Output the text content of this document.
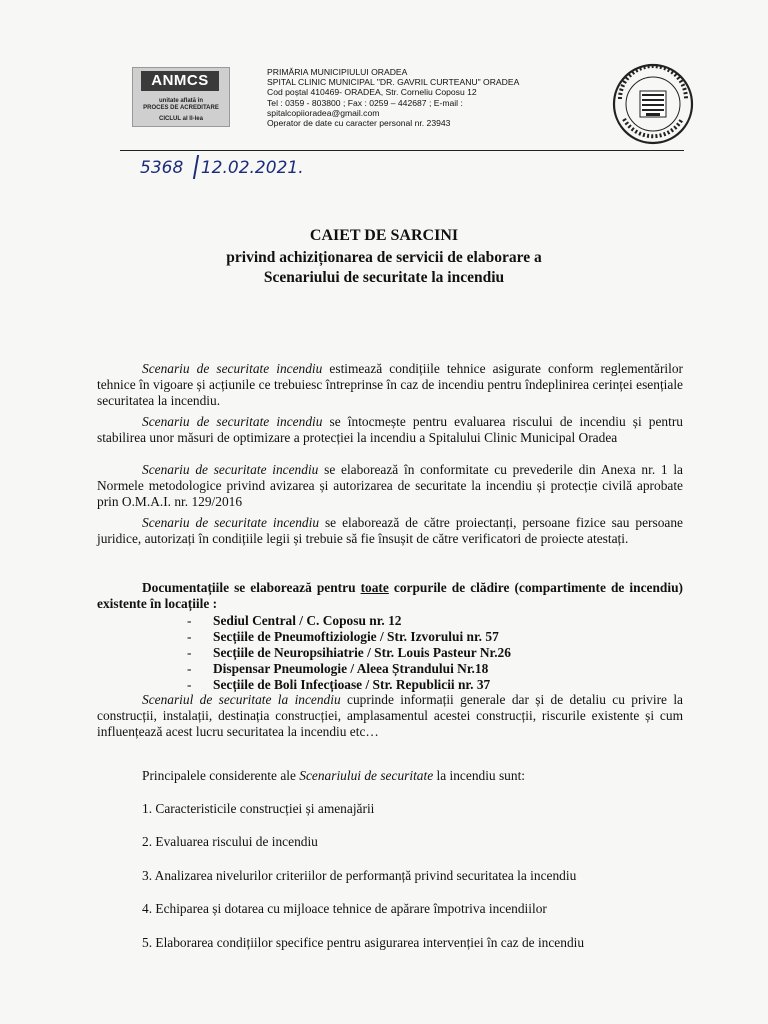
ANMCS
unitate aflată în
PROCES DE ACREDITARE
CICLUL al II-lea
PRIMĂRIA MUNICIPIULUI ORADEA
SPITAL CLINIC MUNICIPAL "DR. GAVRIL CURTEANU" ORADEA
Cod poștal 410469- ORADEA, Str. Corneliu Coposu 12
Tel : 0359 - 803800 ; Fax : 0259 – 442687 ; E-mail :
spitalcopiioradea@gmail.com
Operator de date cu caracter personal nr. 23943
5368 12.02.2021.
CAIET DE SARCINI
privind achiziționarea de servicii de elaborare a
Scenariului de securitate la incendiu
Scenariu de securitate incendiu estimează condițiile tehnice asigurate conform reglementărilor tehnice în vigoare și acțiunile ce trebuiesc întreprinse în caz de incendiu pentru îndeplinirea cerinței esențiale securitatea la incendiu.
Scenariu de securitate incendiu se întocmește pentru evaluarea riscului de incendiu și pentru stabilirea unor măsuri de optimizare a protecției la incendiu a Spitalului Clinic Municipal Oradea
Scenariu de securitate incendiu se elaborează în conformitate cu prevederile din Anexa nr. 1 la Normele metodologice privind avizarea și autorizarea de securitate la incendiu și protecție civilă aprobate prin O.M.A.I. nr. 129/2016
Scenariu de securitate incendiu se elaborează de către proiectanți, persoane fizice sau persoane juridice, autorizați în condițiile legii și trebuie să fie însușit de către verificatori de proiecte atestați.
Documentațiile se elaborează pentru toate corpurile de clădire (compartimente de incendiu) existente în locațiile :
- Sediul Central / C. Coposu nr. 12
- Secțiile de Pneumoftiziologie / Str. Izvorului nr. 57
- Secțiile de Neuropsihiatrie / Str. Louis Pasteur Nr.26
- Dispensar Pneumologie / Aleea Ștrandului Nr.18
- Secțiile de Boli Infecțioase / Str. Republicii nr. 37
Scenariul de securitate la incendiu cuprinde informații generale dar și de detaliu cu privire la construcții, instalații, destinația construcției, amplasamentul acestei construcții, riscurile existente și cum influențează acest lucru securitatea la incendiu etc…
Principalele considerente ale Scenariului de securitate la incendiu sunt:
1. Caracteristicile construcției și amenajării
2. Evaluarea riscului de incendiu
3. Analizarea nivelurilor criteriilor de performanță privind securitatea la incendiu
4. Echiparea și dotarea cu mijloace tehnice de apărare împotriva incendiilor
5. Elaborarea condițiilor specifice pentru asigurarea intervenției în caz de incendiu
